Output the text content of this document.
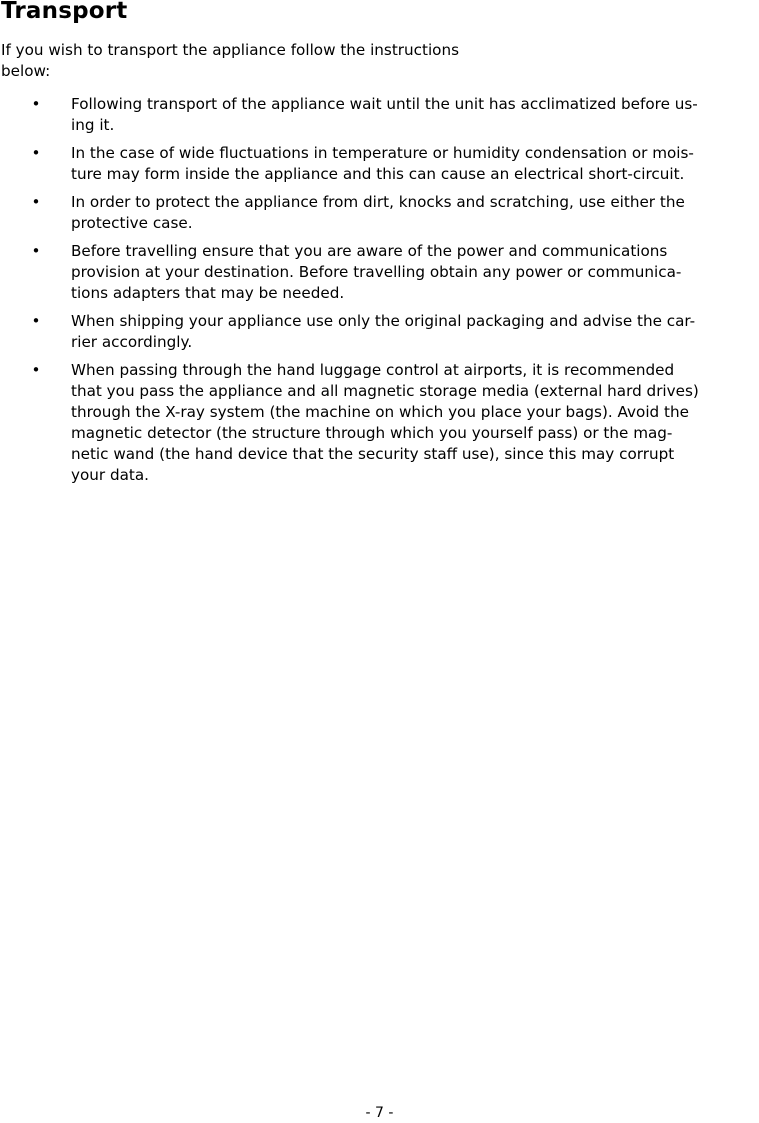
Transport

If you wish to transport the appliance follow the instructions
below:

• Following transport of the appliance wait until the unit has acclimatized before us-
ing it.
• In the case of wide fluctuations in temperature or humidity condensation or mois-
ture may form inside the appliance and this can cause an electrical short-circuit.
• In order to protect the appliance from dirt, knocks and scratching, use either the
protective case.
• Before travelling ensure that you are aware of the power and communications
provision at your destination. Before travelling obtain any power or communica-
tions adapters that may be needed.
• When shipping your appliance use only the original packaging and advise the car-
rier accordingly.
• When passing through the hand luggage control at airports, it is recommended
that you pass the appliance and all magnetic storage media (external hard drives)
through the X-ray system (the machine on which you place your bags). Avoid the
magnetic detector (the structure through which you yourself pass) or the mag-
netic wand (the hand device that the security staff use), since this may corrupt
your data.
- 7 -
